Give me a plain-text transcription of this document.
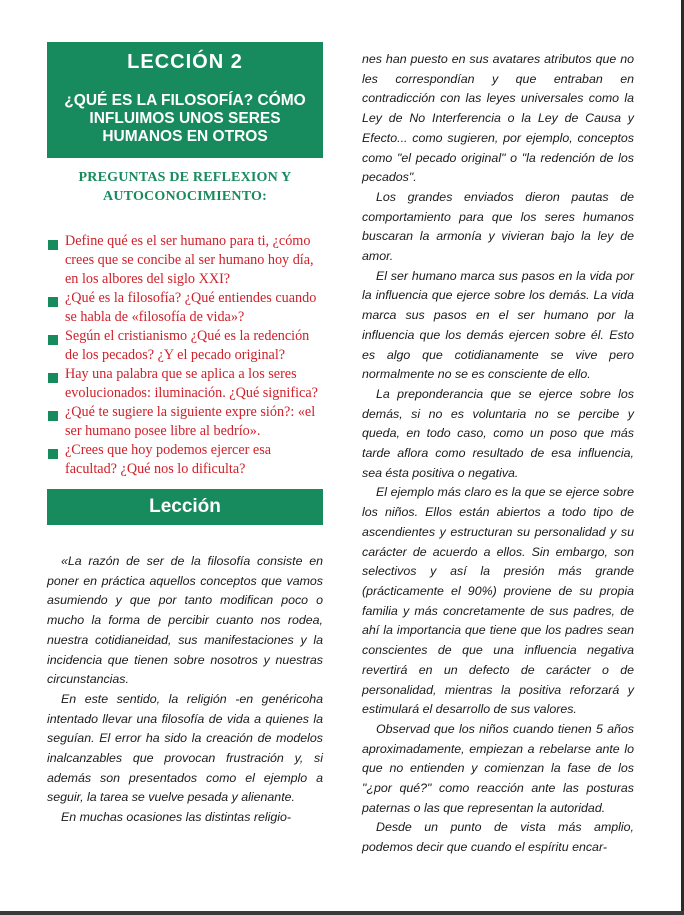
LECCIÓN 2
¿QUÉ ES LA FILOSOFÍA? CÓMO INFLUIMOS UNOS SERES HUMANOS EN OTROS
PREGUNTAS DE REFLEXION Y AUTOCONOCIMIENTO:
Define qué es el ser humano para ti, ¿cómo crees que se concibe al ser humano hoy día, en los albores del siglo XXI?
¿Qué es la filosofía? ¿Qué entiendes cuando se habla de «filosofía de vida»?
Según el cristianismo ¿Qué es la redención de los pecados? ¿Y el pecado original?
Hay una palabra que se aplica a los seres evolucionados: iluminación. ¿Qué significa?
¿Qué te sugiere la siguiente expre sión?: «el ser humano posee libre al bedrío».
¿Crees que hoy podemos ejercer esa facultad? ¿Qué nos lo dificulta?
Lección

«La razón de ser de la filosofía consiste en poner en práctica aquellos conceptos que vamos asumiendo y que por tanto modifican poco o mucho la forma de percibir cuanto nos rodea, nuestra cotidianeidad, sus manifestaciones y la incidencia que tienen sobre nosotros y nuestras circunstancias.

En este sentido, la religión -en genéricoha intentado llevar una filosofía de vida a quienes la seguían. El error ha sido la creación de modelos inalcanzables que provocan frustración y, si además son presentados como el ejemplo a seguir, la tarea se vuelve pesada y alienante.

En muchas ocasiones las distintas religio-

nes han puesto en sus avatares atributos que no les correspondían y que entraban en contradicción con las leyes universales como la Ley de No Interferencia o la Ley de Causa y Efecto... como sugieren, por ejemplo, conceptos como "el pecado original" o "la redención de los pecados".

Los grandes enviados dieron pautas de comportamiento para que los seres humanos buscaran la armonía y vivieran bajo la ley de amor.

El ser humano marca sus pasos en la vida por la influencia que ejerce sobre los demás. La vida marca sus pasos en el ser humano por la influencia que los demás ejercen sobre él. Esto es algo que cotidianamente se vive pero normalmente no se es consciente de ello.

La preponderancia que se ejerce sobre los demás, si no es voluntaria no se percibe y queda, en todo caso, como un poso que más tarde aflora como resultado de esa influencia, sea ésta positiva o negativa.

El ejemplo más claro es la que se ejerce sobre los niños. Ellos están abiertos a todo tipo de ascendientes y estructuran su personalidad y su carácter de acuerdo a ellos. Sin embargo, son selectivos y así la presión más grande (prácticamente el 90%) proviene de su propia familia y más concretamente de sus padres, de ahí la importancia que tiene que los padres sean conscientes de que una influencia negativa revertirá en un defecto de carácter o de personalidad, mientras la positiva reforzará y estimulará el desarrollo de sus valores.

Observad que los niños cuando tienen 5 años aproximadamente, empiezan a rebelarse ante lo que no entienden y comienzan la fase de los "¿por qué?" como reacción ante las posturas paternas o las que representan la autoridad.

Desde un punto de vista más amplio, podemos decir que cuando el espíritu encar-
